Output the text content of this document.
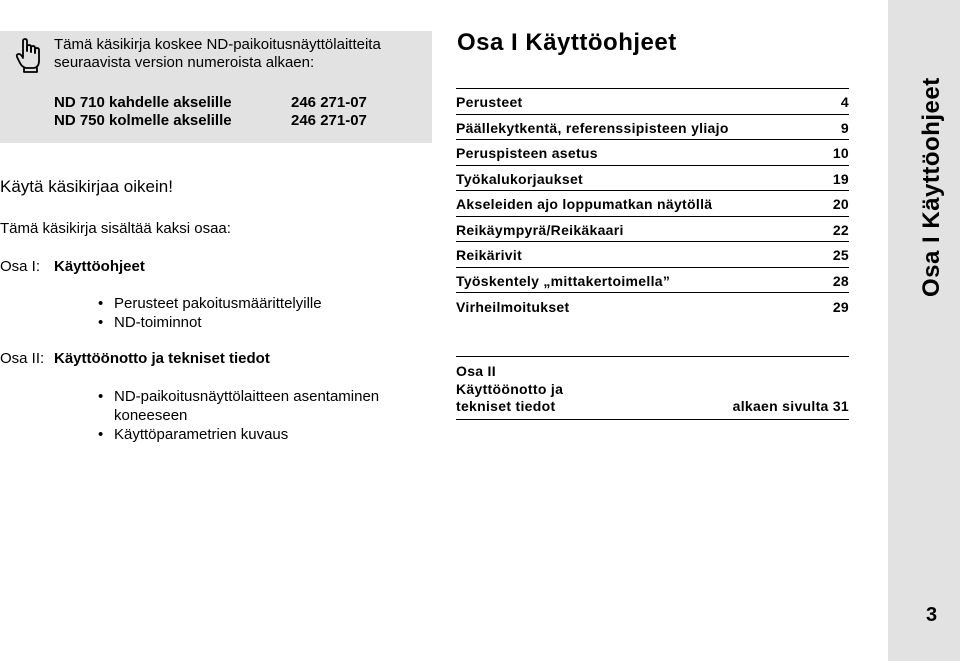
Tämä käsikirja koskee ND-paikoitusnäyttölaitteita
seuraavista version numeroista alkaen:
ND 710 kahdelle akselille	246 271-07
ND 750 kolmelle akselille	246 271-07
Käytä käsikirjaa oikein!
Tämä käsikirja sisältää kaksi osaa:
Osa I: Käyttöohjeet
• Perusteet pakoitusmäärittelyille
• ND-toiminnot
Osa II: Käyttöönotto ja tekniset tiedot
• ND-paikoitusnäyttölaitteen asentaminen koneeseen
• Käyttöparametrien kuvaus
Osa I Käyttöohjeet
Perusteet	4
Päällekytkentä, referenssipisteen yliajo	9
Peruspisteen asetus	10
Työkalukorjaukset	19
Akseleiden ajo loppumatkan näytöllä	20
Reikäympyrä/Reikäkaari	22
Reikärivit	25
Työskentely „mittakertoimella”	28
Virheilmoitukset	29
Osa II
Käyttöönotto ja
tekniset tiedot	alkaen sivulta 31
Osa I Käyttöohjeet
3
